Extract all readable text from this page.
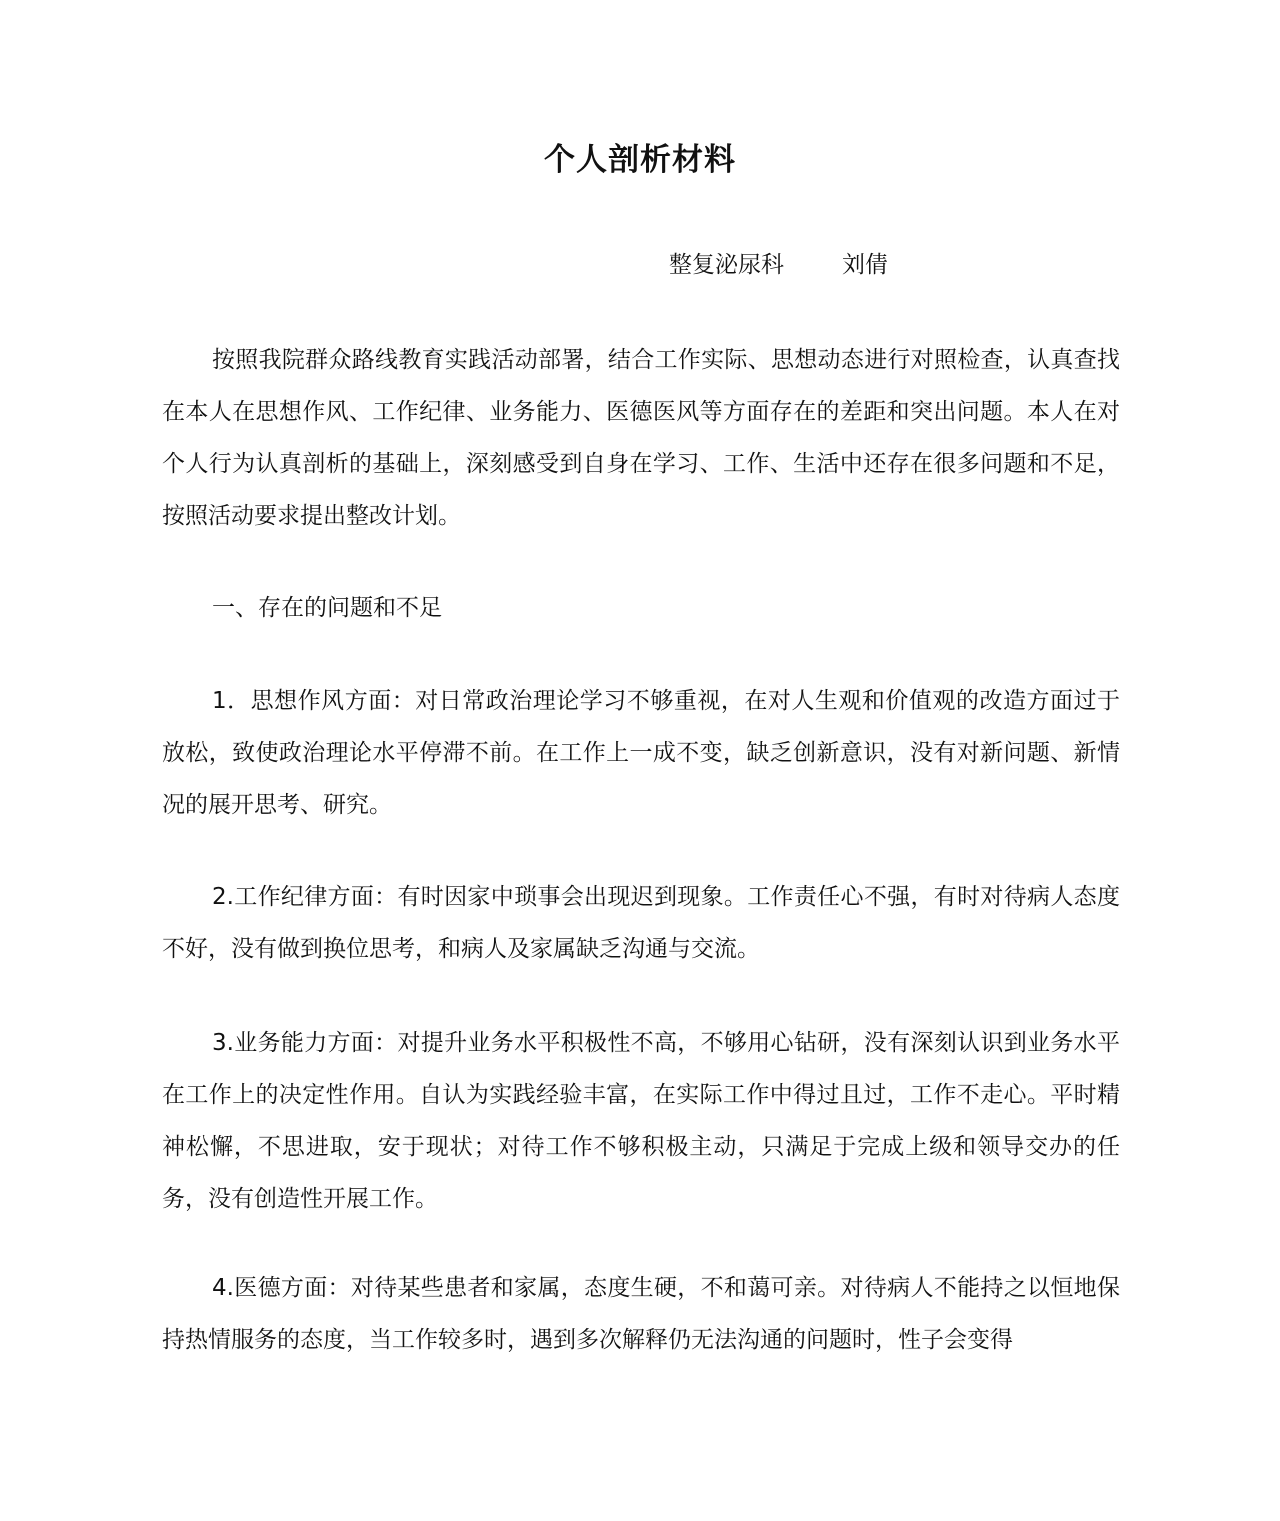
个人剖析材料
整复泌尿科	刘倩

按照我院群众路线教育实践活动部署，结合工作实际、思想动态进行对照检查，认真查找在本人在思想作风、工作纪律、业务能力、医德医风等方面存在的差距和突出问题。本人在对个人行为认真剖析的基础上，深刻感受到自身在学习、工作、生活中还存在很多问题和不足，按照活动要求提出整改计划。

一、存在的问题和不足

1．思想作风方面：对日常政治理论学习不够重视，在对人生观和价值观的改造方面过于放松，致使政治理论水平停滞不前。在工作上一成不变，缺乏创新意识，没有对新问题、新情况的展开思考、研究。

2.工作纪律方面：有时因家中琐事会出现迟到现象。工作责任心不强，有时对待病人态度不好，没有做到换位思考，和病人及家属缺乏沟通与交流。

3.业务能力方面：对提升业务水平积极性不高，不够用心钻研，没有深刻认识到业务水平在工作上的决定性作用。自认为实践经验丰富，在实际工作中得过且过，工作不走心。平时精神松懈，不思进取，安于现状；对待工作不够积极主动，只满足于完成上级和领导交办的任务，没有创造性开展工作。

4.医德方面：对待某些患者和家属，态度生硬，不和蔼可亲。对待病人不能持之以恒地保持热情服务的态度，当工作较多时，遇到多次解释仍无法沟通的问题时，性子会变得
